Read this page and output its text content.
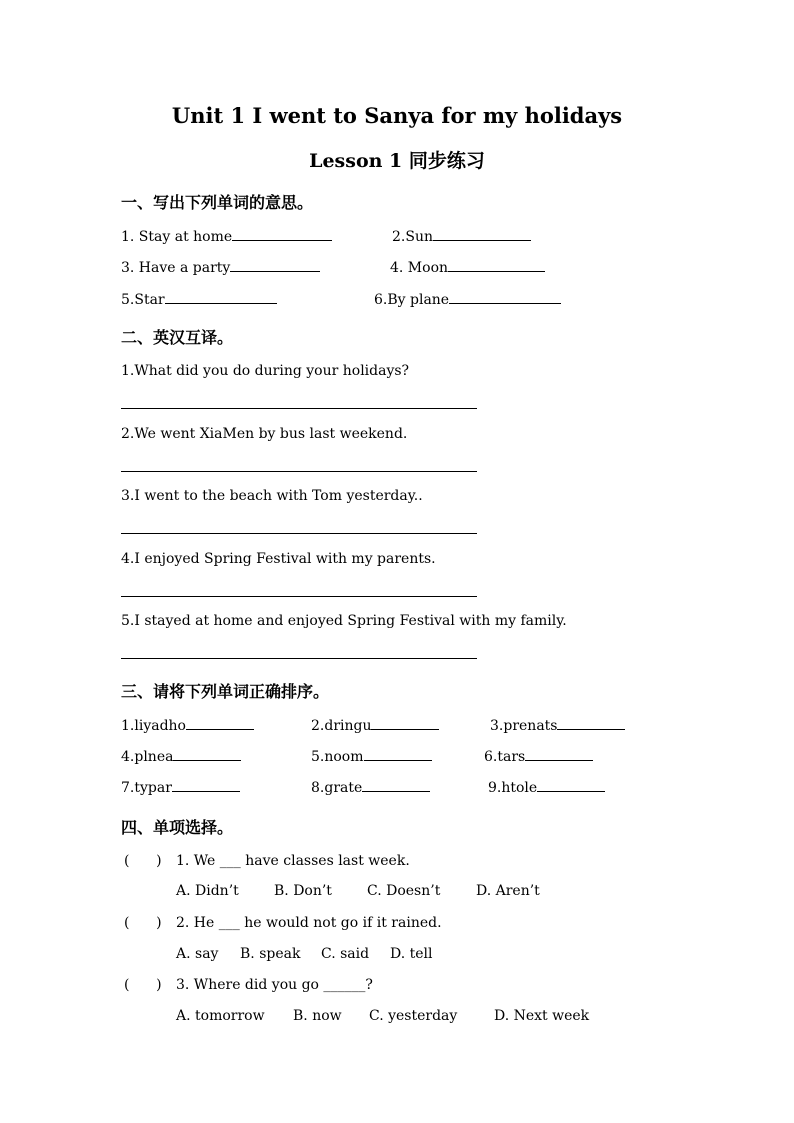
Unit 1 I went to Sanya for my holidays
Lesson 1 同步练习
一、写出下列单词的意思。
1. Stay at home	2.Sun
3. Have a party	4. Moon
5.Star	6.By plane
二、英汉互译。
1.What did you do during your holidays?
2.We went XiaMen by bus last weekend.
3.I went to the beach with Tom yesterday..
4.I enjoyed Spring Festival with my parents.
5.I stayed at home and enjoyed Spring Festival with my family.
三、请将下列单词正确排序。
1.liyadho	2.dringu	3.prenats
4.plnea	5.noom	6.tars
7.typar	8.grate	9.htole
四、单项选择。
(      ) 1. We ___ have classes last week.
A. Didn’t	B. Don’t	C. Doesn’t	D. Aren’t
(      ) 2. He ___ he would not go if it rained.
A. say B. speak C. said D. tell
(      ) 3. Where did you go ______?
A. tomorrow B. now C. yesterday	D. Next week
